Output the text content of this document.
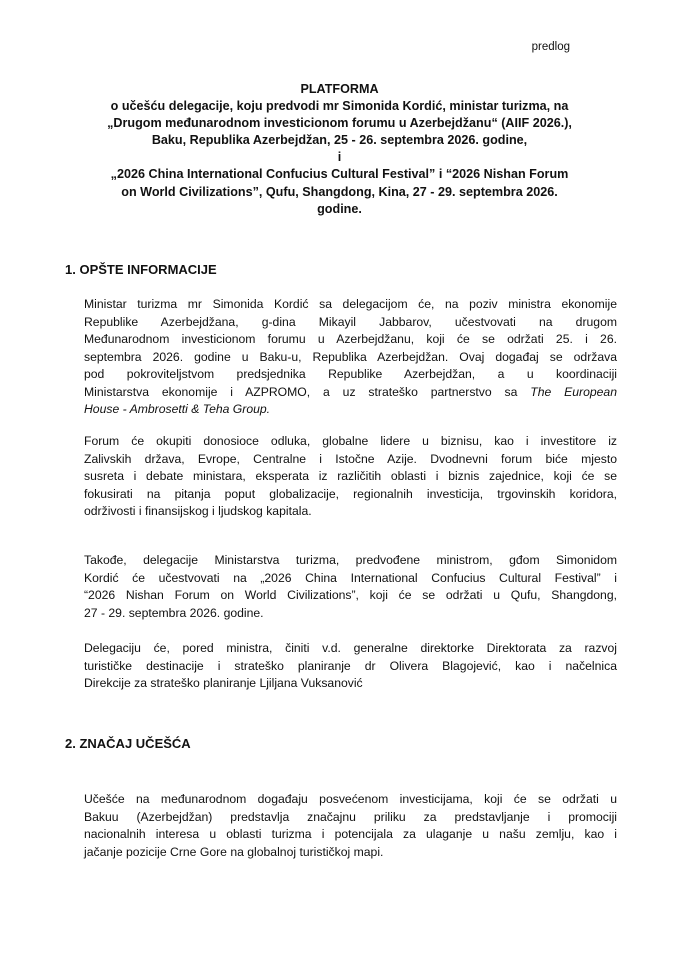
predlog
PLATFORMA
o učešću delegacije, koju predvodi mr Simonida Kordić, ministar turizma, na
„Drugom međunarodnom investicionom forumu u Azerbejdžanu“ (AIIF 2026.),
Baku, Republika Azerbejdžan, 25 - 26. septembra 2026. godine,
i
„2026 China International Confucius Cultural Festival” i “2026 Nishan Forum
on World Civilizations”, Qufu, Shangdong, Kina, 27 - 29. septembra 2026.
godine.
1. OPŠTE INFORMACIJE
Ministar turizma mr Simonida Kordić sa delegacijom će, na poziv ministra ekonomije
Republike Azerbejdžana, g-dina Mikayil Jabbarov, učestvovati na drugom
Međunarodnom investicionom forumu u Azerbejdžanu, koji će se održati 25. i 26.
septembra 2026. godine u Baku-u, Republika Azerbejdžan. Ovaj događaj se održava
pod pokroviteljstvom predsjednika Republike Azerbejdžan, a u koordinaciji
Ministarstva ekonomije i AZPROMO, a uz strateško partnerstvo sa The European
House - Ambrosetti & Teha Group.
Forum će okupiti donosioce odluka, globalne lidere u biznisu, kao i investitore iz
Zalivskih država, Evrope, Centralne i Istočne Azije. Dvodnevni forum biće mjesto
susreta i debate ministara, eksperata iz različitih oblasti i biznis zajednice, koji će se
fokusirati na pitanja poput globalizacije, regionalnih investicija, trgovinskih koridora,
održivosti i finansijskog i ljudskog kapitala.
Takođe, delegacije Ministarstva turizma, predvođene ministrom, gđom Simonidom
Kordić će učestvovati na „2026 China International Confucius Cultural Festival” i
“2026 Nishan Forum on World Civilizations”, koji će se održati u Qufu, Shangdong,
27 - 29. septembra 2026. godine.
Delegaciju će, pored ministra, činiti v.d. generalne direktorke Direktorata za razvoj
turističke destinacije i strateško planiranje dr Olivera Blagojević, kao i načelnica
Direkcije za strateško planiranje Ljiljana Vuksanović
2. ZNAČAJ UČEŠĆA
Učešće na međunarodnom događaju posvećenom investicijama, koji će se održati u
Bakuu (Azerbejdžan) predstavlja značajnu priliku za predstavljanje i promociji
nacionalnih interesa u oblasti turizma i potencijala za ulaganje u našu zemlju, kao i
jačanje pozicije Crne Gore na globalnoj turističkoj mapi.
